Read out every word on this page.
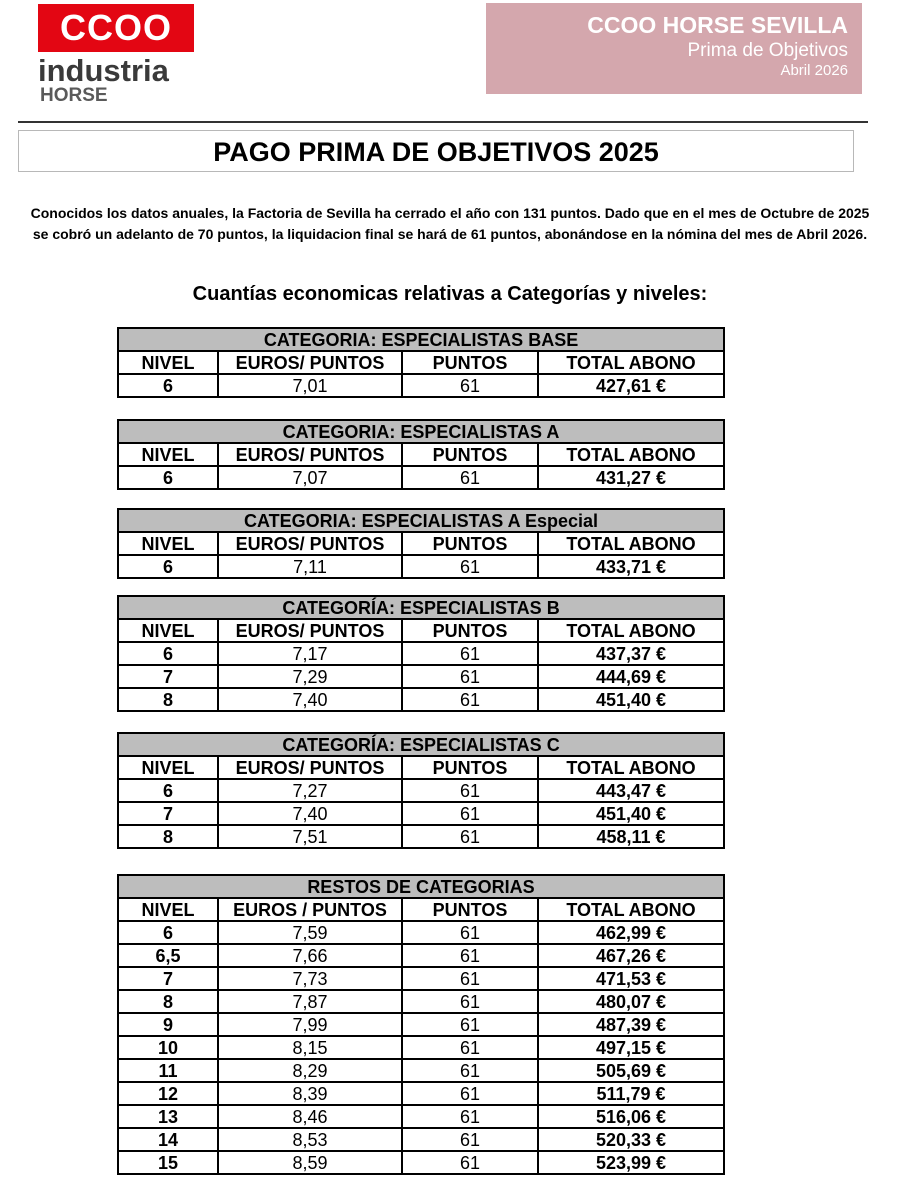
CCOO
industria
HORSE
CCOO HORSE SEVILLA
Prima de Objetivos
Abril 2026
PAGO PRIMA DE OBJETIVOS 2025
Conocidos los datos anuales, la Factoria de Sevilla ha cerrado el año con 131 puntos. Dado que en el mes de Octubre de 2025 se cobró un adelanto de 70 puntos, la liquidacion final se hará de 61 puntos, abonándose en la nómina del mes de Abril 2026.
Cuantías economicas relativas a Categorías y niveles:
CATEGORIA: ESPECIALISTAS BASE			
NIVEL	EUROS/ PUNTOS	PUNTOS	TOTAL ABONO
6	7,01	61	427,61 €
CATEGORIA: ESPECIALISTAS A			
NIVEL	EUROS/ PUNTOS	PUNTOS	TOTAL ABONO
6	7,07	61	431,27 €
CATEGORIA: ESPECIALISTAS A Especial			
NIVEL	EUROS/ PUNTOS	PUNTOS	TOTAL ABONO
6	7,11	61	433,71 €
CATEGORÍA: ESPECIALISTAS B			
NIVEL	EUROS/ PUNTOS	PUNTOS	TOTAL ABONO
6	7,17	61	437,37 €
7	7,29	61	444,69 €
8	7,40	61	451,40 €
CATEGORÍA: ESPECIALISTAS C			
NIVEL	EUROS/ PUNTOS	PUNTOS	TOTAL ABONO
6	7,27	61	443,47 €
7	7,40	61	451,40 €
8	7,51	61	458,11 €
RESTOS DE CATEGORIAS			
NIVEL	EUROS / PUNTOS	PUNTOS	TOTAL ABONO
6	7,59	61	462,99 €
6,5	7,66	61	467,26 €
7	7,73	61	471,53 €
8	7,87	61	480,07 €
9	7,99	61	487,39 €
10	8,15	61	497,15 €
11	8,29	61	505,69 €
12	8,39	61	511,79 €
13	8,46	61	516,06 €
14	8,53	61	520,33 €
15	8,59	61	523,99 €
